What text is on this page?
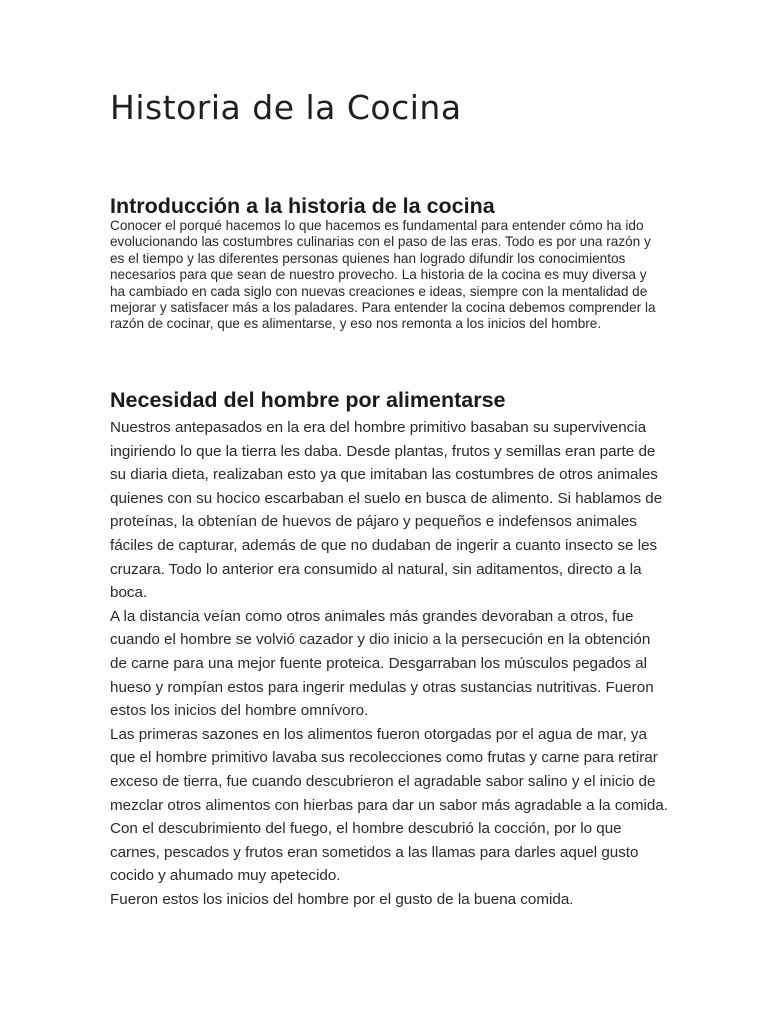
Historia de la Cocina
Introducción a la historia de la cocina

Conocer el porqué hacemos lo que hacemos es fundamental para entender cómo ha ido evolucionando las costumbres culinarias con el paso de las eras. Todo es por una razón y es el tiempo y las diferentes personas quienes han logrado difundir los conocimientos necesarios para que sean de nuestro provecho. La historia de la cocina es muy diversa y ha cambiado en cada siglo con nuevas creaciones e ideas, siempre con la mentalidad de mejorar y satisfacer más a los paladares. Para entender la cocina debemos comprender la razón de cocinar, que es alimentarse, y eso nos remonta a los inicios del hombre.

Necesidad del hombre por alimentarse

Nuestros antepasados en la era del hombre primitivo basaban su supervivencia ingiriendo lo que la tierra les daba. Desde plantas, frutos y semillas eran parte de su diaria dieta, realizaban esto ya que imitaban las costumbres de otros animales quienes con su hocico escarbaban el suelo en busca de alimento. Si hablamos de proteínas, la obtenían de huevos de pájaro y pequeños e indefensos animales fáciles de capturar, además de que no dudaban de ingerir a cuanto insecto se les cruzara. Todo lo anterior era consumido al natural, sin aditamentos, directo a la boca.

A la distancia veían como otros animales más grandes devoraban a otros, fue cuando el hombre se volvió cazador y dio inicio a la persecución en la obtención de carne para una mejor fuente proteica. Desgarraban los músculos pegados al hueso y rompían estos para ingerir medulas y otras sustancias nutritivas. Fueron estos los inicios del hombre omnívoro.

Las primeras sazones en los alimentos fueron otorgadas por el agua de mar, ya que el hombre primitivo lavaba sus recolecciones como frutas y carne para retirar exceso de tierra, fue cuando descubrieron el agradable sabor salino y el inicio de mezclar otros alimentos con hierbas para dar un sabor más agradable a la comida.

Con el descubrimiento del fuego, el hombre descubrió la cocción, por lo que carnes, pescados y frutos eran sometidos a las llamas para darles aquel gusto cocido y ahumado muy apetecido.

Fueron estos los inicios del hombre por el gusto de la buena comida.
